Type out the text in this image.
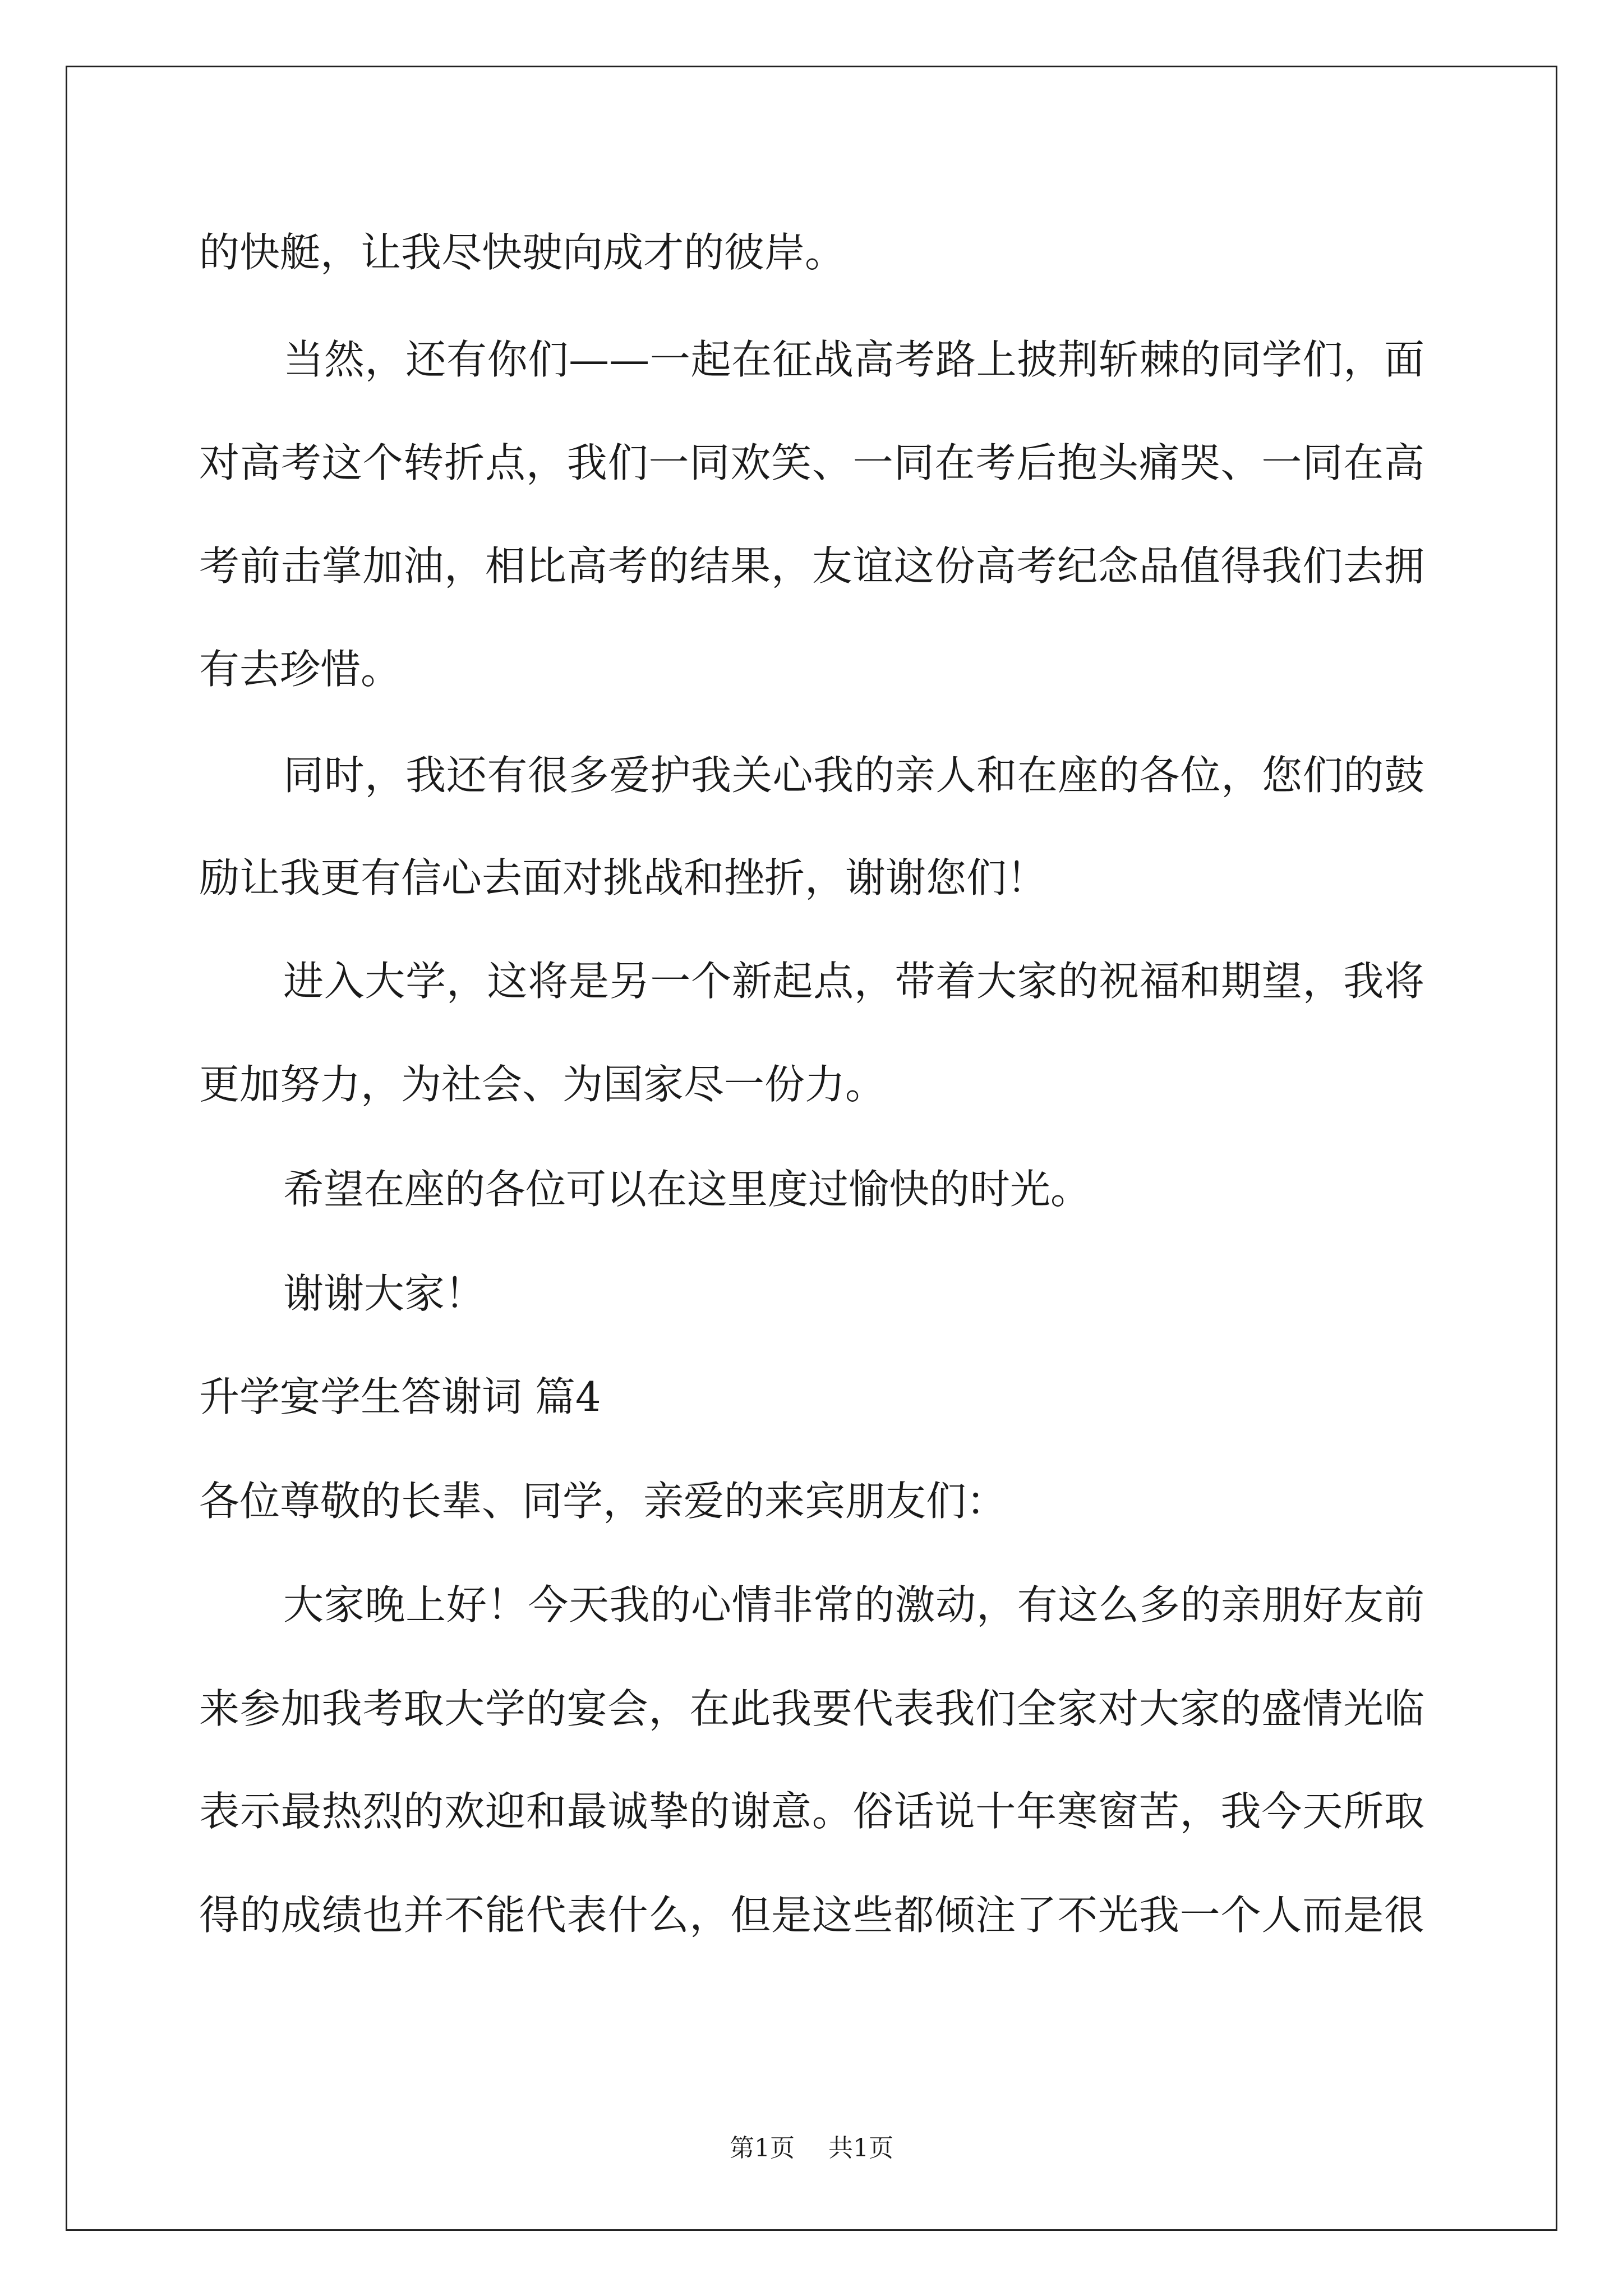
的快艇，让我尽快驶向成才的彼岸。
当然，还有你们——一起在征战高考路上披荆斩棘的同学们，面
对高考这个转折点，我们一同欢笑、一同在考后抱头痛哭、一同在高
考前击掌加油，相比高考的结果，友谊这份高考纪念品值得我们去拥
有去珍惜。
同时，我还有很多爱护我关心我的亲人和在座的各位，您们的鼓
励让我更有信心去面对挑战和挫折，谢谢您们！
进入大学，这将是另一个新起点，带着大家的祝福和期望，我将
更加努力，为社会、为国家尽一份力。
希望在座的各位可以在这里度过愉快的时光。
谢谢大家！
升学宴学生答谢词 篇4
各位尊敬的长辈、同学，亲爱的来宾朋友们：
大家晚上好！今天我的心情非常的激动，有这么多的亲朋好友前
来参加我考取大学的宴会，在此我要代表我们全家对大家的盛情光临
表示最热烈的欢迎和最诚挚的谢意。俗话说十年寒窗苦，我今天所取
得的成绩也并不能代表什么，但是这些都倾注了不光我一个人而是很
第1页 共1页
